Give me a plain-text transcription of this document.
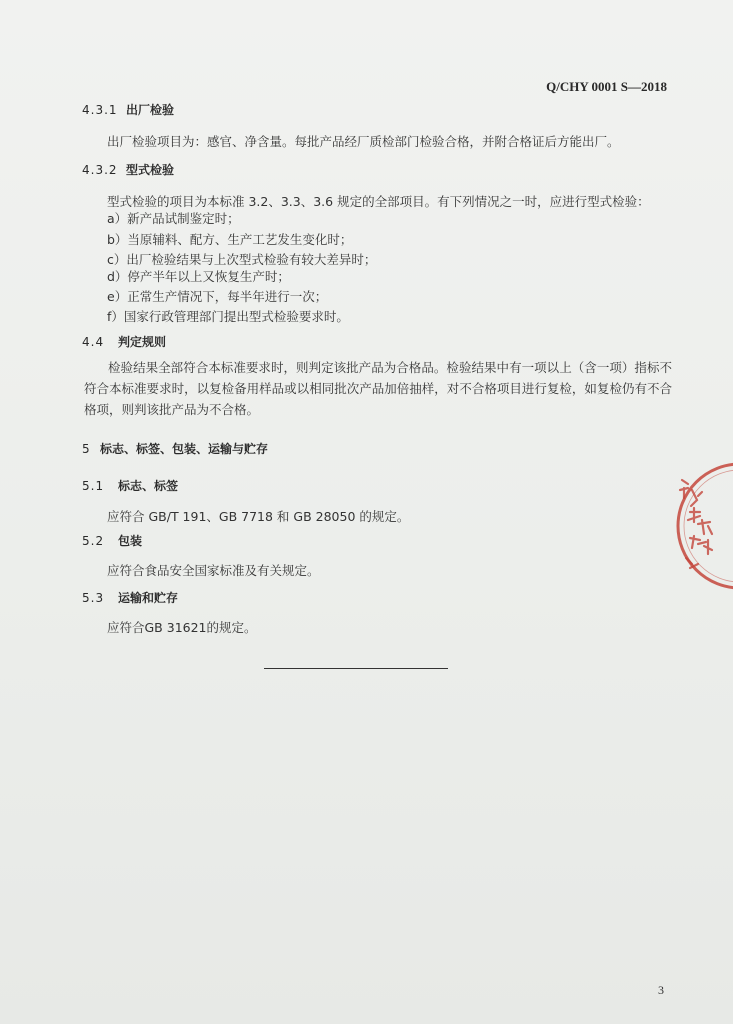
Q/CHY 0001 S—2018
4.3.1 出厂检验
出厂检验项目为：感官、净含量。每批产品经厂质检部门检验合格，并附合格证后方能出厂。
4.3.2 型式检验
型式检验的项目为本标准 3.2、3.3、3.6 规定的全部项目。有下列情况之一时，应进行型式检验：
a）新产品试制鉴定时；
b）当原辅料、配方、生产工艺发生变化时；
c）出厂检验结果与上次型式检验有较大差异时；
d）停产半年以上又恢复生产时；
e）正常生产情况下，每半年进行一次；
f）国家行政管理部门提出型式检验要求时。
4.4 判定规则
检验结果全部符合本标准要求时，则判定该批产品为合格品。检验结果中有一项以上（含一项）指标不符合本标准要求时，以复检备用样品或以相同批次产品加倍抽样，对不合格项目进行复检，如复检仍有不合格项，则判该批产品为不合格。
5 标志、标签、包装、运输与贮存
5.1 标志、标签
应符合 GB/T 191、GB 7718 和 GB 28050 的规定。
5.2 包装
应符合食品安全国家标准及有关规定。
5.3 运输和贮存
应符合GB 31621的规定。
3
